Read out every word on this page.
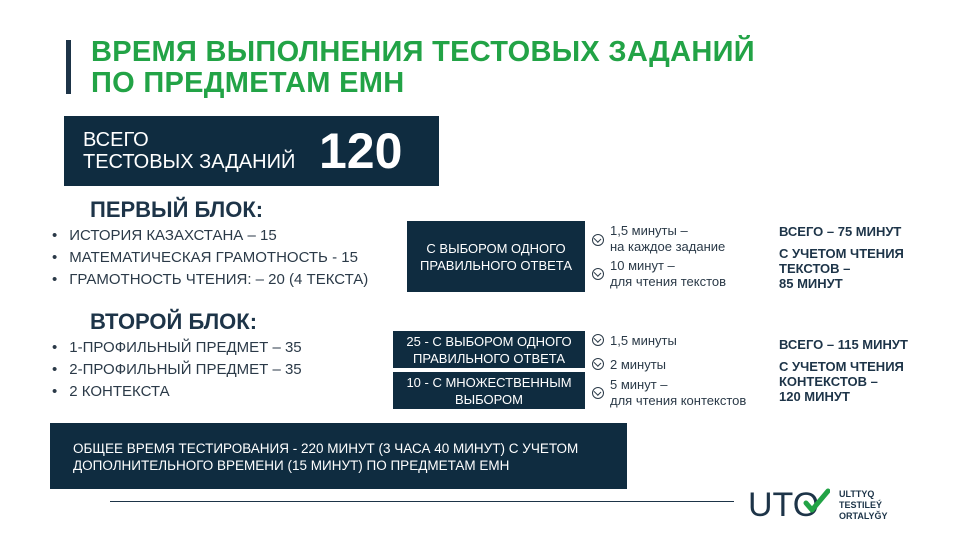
ВРЕМЯ ВЫПОЛНЕНИЯ ТЕСТОВЫХ ЗАДАНИЙ
ПО ПРЕДМЕТАМ ЕМН
ВСЕГО
ТЕСТОВЫХ ЗАДАНИЙ 120
ПЕРВЫЙ БЛОК:
• ИСТОРИЯ КАЗАХСТАНА – 15
• МАТЕМАТИЧЕСКАЯ ГРАМОТНОСТЬ - 15
• ГРАМОТНОСТЬ ЧТЕНИЯ: – 20 (4 ТЕКСТА)
С ВЫБОРОМ ОДНОГО
ПРАВИЛЬНОГО ОТВЕТА
1,5 минуты –
на каждое задание
10 минут –
для чтения текстов
ВСЕГО – 75 МИНУТ
С УЧЕТОМ ЧТЕНИЯ
ТЕКСТОВ –
85 МИНУТ
ВТОРОЙ БЛОК:
• 1-ПРОФИЛЬНЫЙ ПРЕДМЕТ – 35
• 2-ПРОФИЛЬНЫЙ ПРЕДМЕТ – 35
• 2 КОНТЕКСТА
25 - С ВЫБОРОМ ОДНОГО
ПРАВИЛЬНОГО ОТВЕТА
10 - С МНОЖЕСТВЕННЫМ
ВЫБОРОМ
1,5 минуты
2 минуты
5 минут –
для чтения контекстов
ВСЕГО – 115 МИНУТ
С УЧЕТОМ ЧТЕНИЯ
КОНТЕКСТОВ –
120 МИНУТ
ОБЩЕЕ ВРЕМЯ ТЕСТИРОВАНИЯ - 220 МИНУТ (3 ЧАСА 40 МИНУТ) С УЧЕТОМ
ДОПОЛНИТЕЛЬНОГО ВРЕМЕНИ (15 МИНУТ) ПО ПРЕДМЕТАМ ЕМН
UTO ULTTYQ
TESTILEÝ
ORTALYĞY
